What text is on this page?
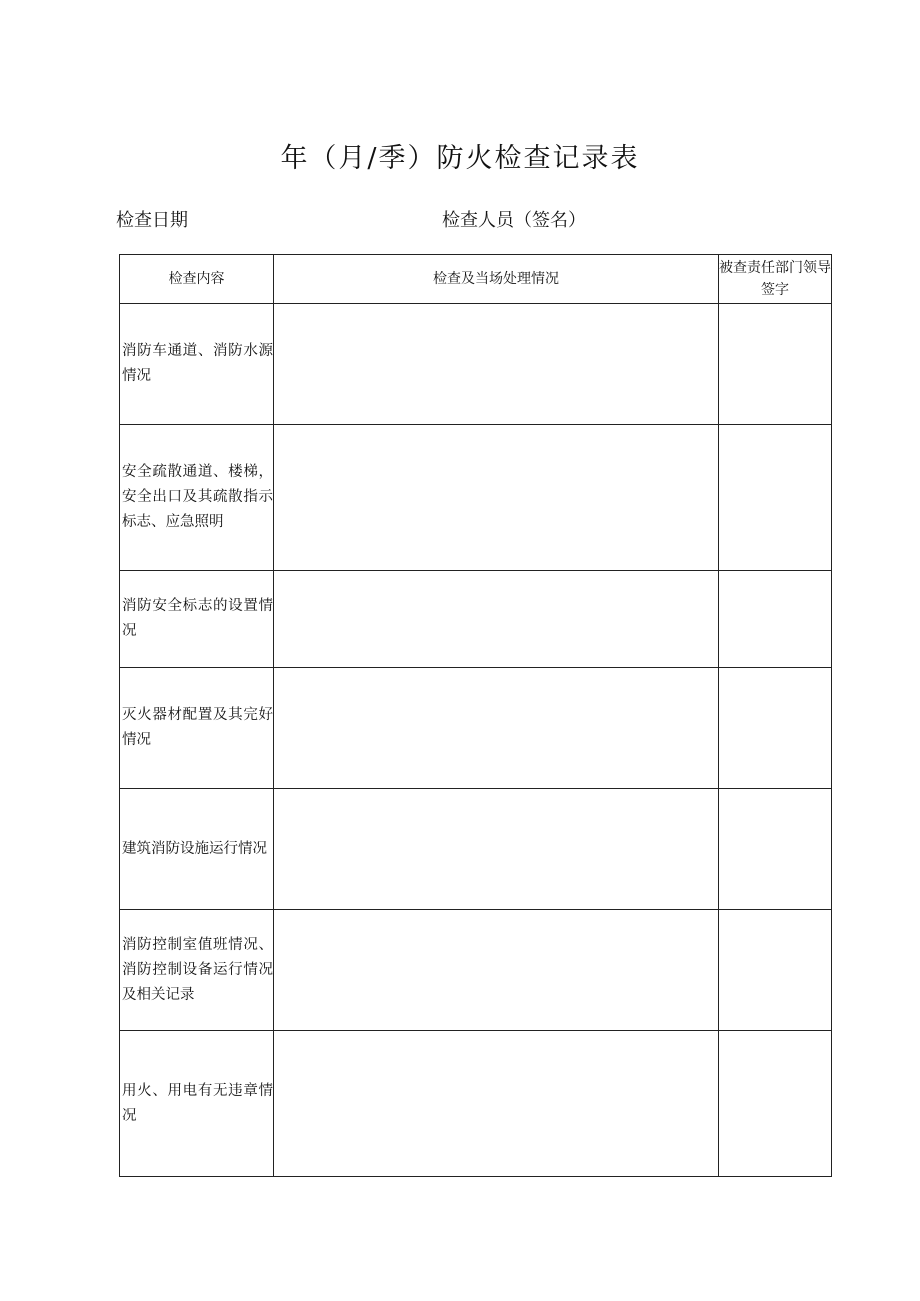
年（月/季）防火检查记录表
检查日期	检查人员（签名）
检查内容	检查及当场处理情况	被查责任部门领导签字
消防车通道、消防水源情况		
安全疏散通道、楼梯，安全出口及其疏散指示标志、应急照明		
消防安全标志的设置情况		
灭火器材配置及其完好情况		
建筑消防设施运行情况		
消防控制室值班情况、消防控制设备运行情况及相关记录		
用火、用电有无违章情况		
